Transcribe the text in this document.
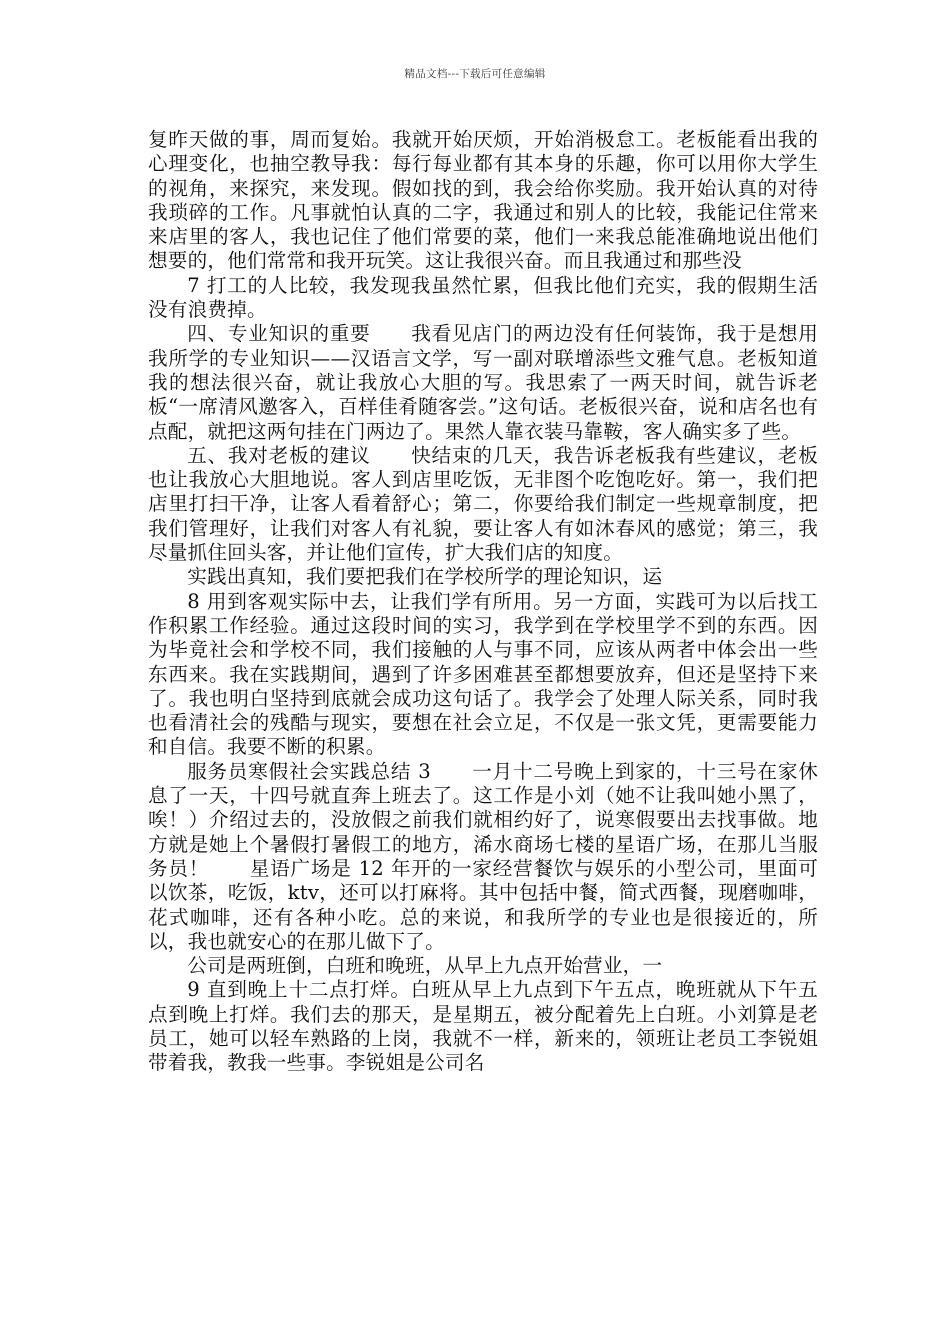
精品文档---下载后可任意编辑

复昨天做的事，周而复始。我就开始厌烦，开始消极怠工。老板能看出我的心理变化，也抽空教导我：每行每业都有其本身的乐趣，你可以用你大学生的视角，来探究，来发现。假如找的到，我会给你奖励。我开始认真的对待我琐碎的工作。凡事就怕认真的二字，我通过和别人的比较，我能记住常来来店里的客人，我也记住了他们常要的菜，他们一来我总能准确地说出他们想要的，他们常常和我开玩笑。这让我很兴奋。而且我通过和那些没

7 打工的人比较，我发现我虽然忙累，但我比他们充实，我的假期生活没有浪费掉。

四、专业知识的重要　　我看见店门的两边没有任何装饰，我于是想用我所学的专业知识——汉语言文学，写一副对联增添些文雅气息。老板知道我的想法很兴奋，就让我放心大胆的写。我思索了一两天时间，就告诉老板“一席清风邀客入，百样佳肴随客尝。”这句话。老板很兴奋，说和店名也有点配，就把这两句挂在门两边了。果然人靠衣装马靠鞍，客人确实多了些。

五、我对老板的建议　　快结束的几天，我告诉老板我有些建议，老板也让我放心大胆地说。客人到店里吃饭，无非图个吃饱吃好。第一，我们把店里打扫干净，让客人看着舒心；第二，你要给我们制定一些规章制度，把我们管理好，让我们对客人有礼貌，要让客人有如沐春风的感觉；第三，我尽量抓住回头客，并让他们宣传，扩大我们店的知度。

实践出真知，我们要把我们在学校所学的理论知识，运

8 用到客观实际中去，让我们学有所用。另一方面，实践可为以后找工作积累工作经验。通过这段时间的实习，我学到在学校里学不到的东西。因为毕竟社会和学校不同，我们接触的人与事不同，应该从两者中体会出一些东西来。我在实践期间，遇到了许多困难甚至都想要放弃，但还是坚持下来了。我也明白坚持到底就会成功这句话了。我学会了处理人际关系，同时我也看清社会的残酷与现实，要想在社会立足，不仅是一张文凭，更需要能力和自信。我要不断的积累。

服务员寒假社会实践总结 3　　一月十二号晚上到家的，十三号在家休息了一天，十四号就直奔上班去了。这工作是小刘（她不让我叫她小黑了，唉！）介绍过去的，没放假之前我们就相约好了，说寒假要出去找事做。地方就是她上个暑假打暑假工的地方，浠水商场七楼的星语广场，在那儿当服务员！　　星语广场是 12 年开的一家经营餐饮与娱乐的小型公司，里面可以饮茶，吃饭，ktv，还可以打麻将。其中包括中餐，简式西餐，现磨咖啡，花式咖啡，还有各种小吃。总的来说，和我所学的专业也是很接近的，所以，我也就安心的在那儿做下了。

公司是两班倒，白班和晚班，从早上九点开始营业，一

9 直到晚上十二点打烊。白班从早上九点到下午五点，晚班就从下午五点到晚上打烊。我们去的那天，是星期五，被分配着先上白班。小刘算是老员工，她可以轻车熟路的上岗，我就不一样，新来的，领班让老员工李锐姐带着我，教我一些事。李锐姐是公司名
